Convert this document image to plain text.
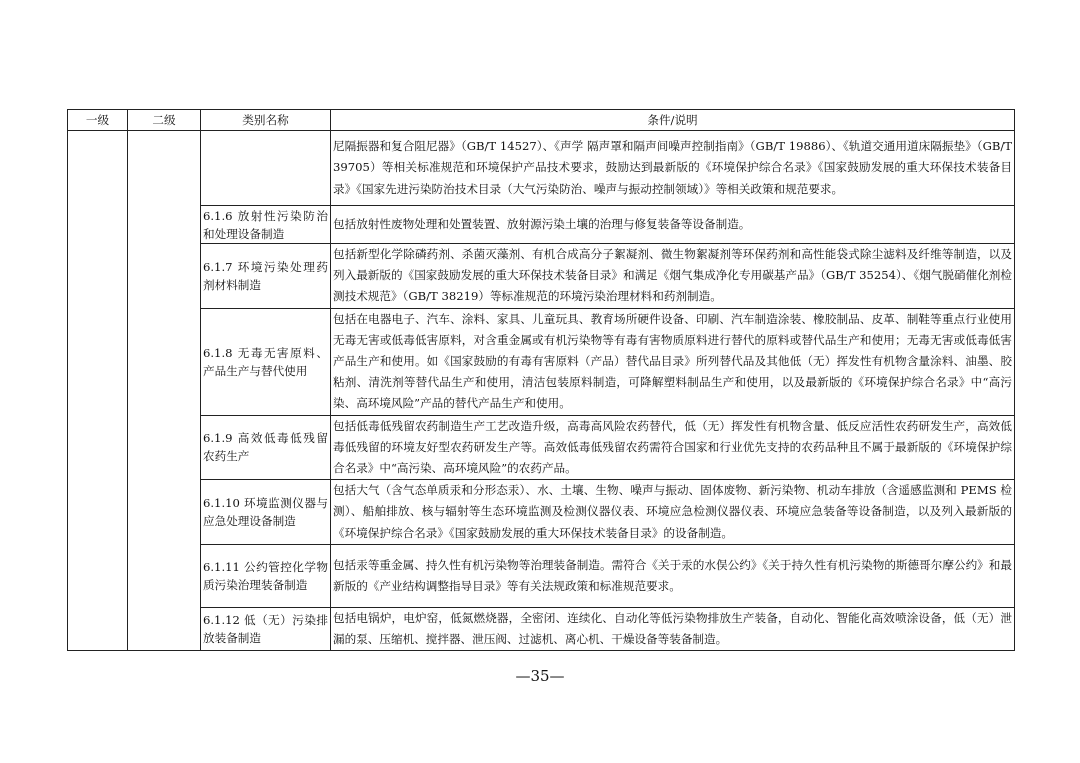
一级	二级	类别名称	条件/说明
			尼隔振器和复合阻尼器》（GB/T 14527）、《声学 隔声罩和隔声间噪声控制指南》（GB/T 19886）、《轨道交通用道床隔振垫》（GB/T 39705）等相关标准规范和环境保护产品技术要求，鼓励达到最新版的《环境保护综合名录》《国家鼓励发展的重大环保技术装备目录》《国家先进污染防治技术目录（大气污染防治、噪声与振动控制领域）》等相关政策和规范要求。
		6.1.6 放射性污染防治和处理设备制造	包括放射性废物处理和处置装置、放射源污染土壤的治理与修复装备等设备制造。
		6.1.7 环境污染处理药剂材料制造	包括新型化学除磷药剂、杀菌灭藻剂、有机合成高分子絮凝剂、微生物絮凝剂等环保药剂和高性能袋式除尘滤料及纤维等制造，以及列入最新版的《国家鼓励发展的重大环保技术装备目录》和满足《烟气集成净化专用碳基产品》（GB/T 35254）、《烟气脱硝催化剂检测技术规范》（GB/T 38219）等标准规范的环境污染治理材料和药剂制造。
		6.1.8 无毒无害原料、产品生产与替代使用	包括在电器电子、汽车、涂料、家具、儿童玩具、教育场所硬件设备、印刷、汽车制造涂装、橡胶制品、皮革、制鞋等重点行业使用无毒无害或低毒低害原料，对含重金属或有机污染物等有毒有害物质原料进行替代的原料或替代品生产和使用；无毒无害或低毒低害产品生产和使用。如《国家鼓励的有毒有害原料（产品）替代品目录》所列替代品及其他低（无）挥发性有机物含量涂料、油墨、胶粘剂、清洗剂等替代品生产和使用，清洁包装原料制造，可降解塑料制品生产和使用，以及最新版的《环境保护综合名录》中“高污染、高环境风险”产品的替代产品生产和使用。
		6.1.9 高效低毒低残留农药生产	包括低毒低残留农药制造生产工艺改造升级，高毒高风险农药替代，低（无）挥发性有机物含量、低反应活性农药研发生产，高效低毒低残留的环境友好型农药研发生产等。高效低毒低残留农药需符合国家和行业优先支持的农药品种且不属于最新版的《环境保护综合名录》中“高污染、高环境风险”的农药产品。
		6.1.10 环境监测仪器与应急处理设备制造	包括大气（含气态单质汞和分形态汞）、水、土壤、生物、噪声与振动、固体废物、新污染物、机动车排放（含遥感监测和 PEMS 检测）、船舶排放、核与辐射等生态环境监测及检测仪器仪表、环境应急检测仪器仪表、环境应急装备等设备制造，以及列入最新版的《环境保护综合名录》《国家鼓励发展的重大环保技术装备目录》的设备制造。
		6.1.11 公约管控化学物质污染治理装备制造	包括汞等重金属、持久性有机污染物等治理装备制造。需符合《关于汞的水俣公约》《关于持久性有机污染物的斯德哥尔摩公约》和最新版的《产业结构调整指导目录》等有关法规政策和标准规范要求。
		6.1.12 低（无）污染排放装备制造	包括电锅炉，电炉窑，低氮燃烧器，全密闭、连续化、自动化等低污染物排放生产装备，自动化、智能化高效喷涂设备，低（无）泄漏的泵、压缩机、搅拌器、泄压阀、过滤机、离心机、干燥设备等装备制造。
—35—
